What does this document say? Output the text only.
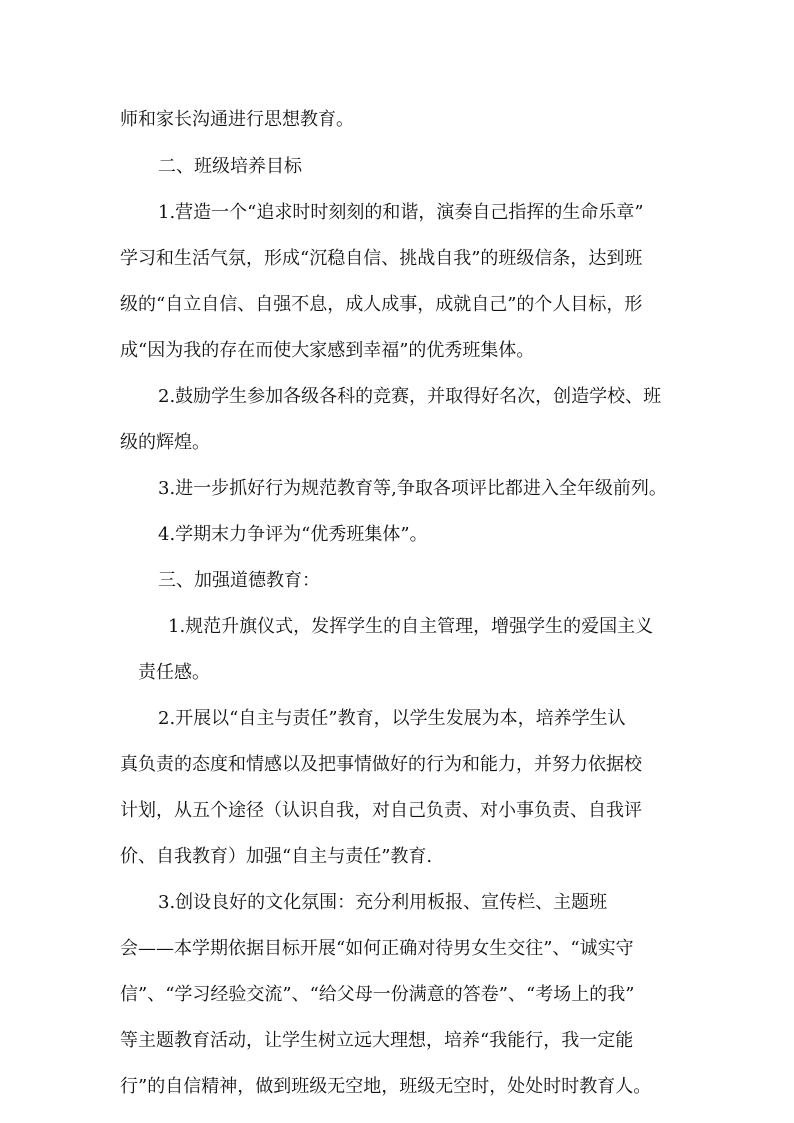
师和家长沟通进行思想教育。
二、班级培养目标
1.营造一个“追求时时刻刻的和谐，演奏自己指挥的生命乐章”
学习和生活气氛，形成“沉稳自信、挑战自我”的班级信条，达到班
级的“自立自信、自强不息，成人成事，成就自己”的个人目标，形
成“因为我的存在而使大家感到幸福”的优秀班集体。
2.鼓励学生参加各级各科的竞赛，并取得好名次，创造学校、班
级的辉煌。
3.进一步抓好行为规范教育等,争取各项评比都进入全年级前列。
4.学期末力争评为“优秀班集体”。
三、加强道德教育：
1.规范升旗仪式，发挥学生的自主管理，增强学生的爱国主义
责任感。
2.开展以“自主与责任”教育，以学生发展为本，培养学生认
真负责的态度和情感以及把事情做好的行为和能力，并努力依据校
计划，从五个途径（认识自我，对自己负责、对小事负责、自我评
价、自我教育）加强“自主与责任”教育.
3.创设良好的文化氛围：充分利用板报、宣传栏、主题班
会——本学期依据目标开展“如何正确对待男女生交往”、“诚实守
信”、“学习经验交流”、“给父母一份满意的答卷”、“考场上的我”
等主题教育活动，让学生树立远大理想，培养“我能行，我一定能
行”的自信精神，做到班级无空地，班级无空时，处处时时教育人。
